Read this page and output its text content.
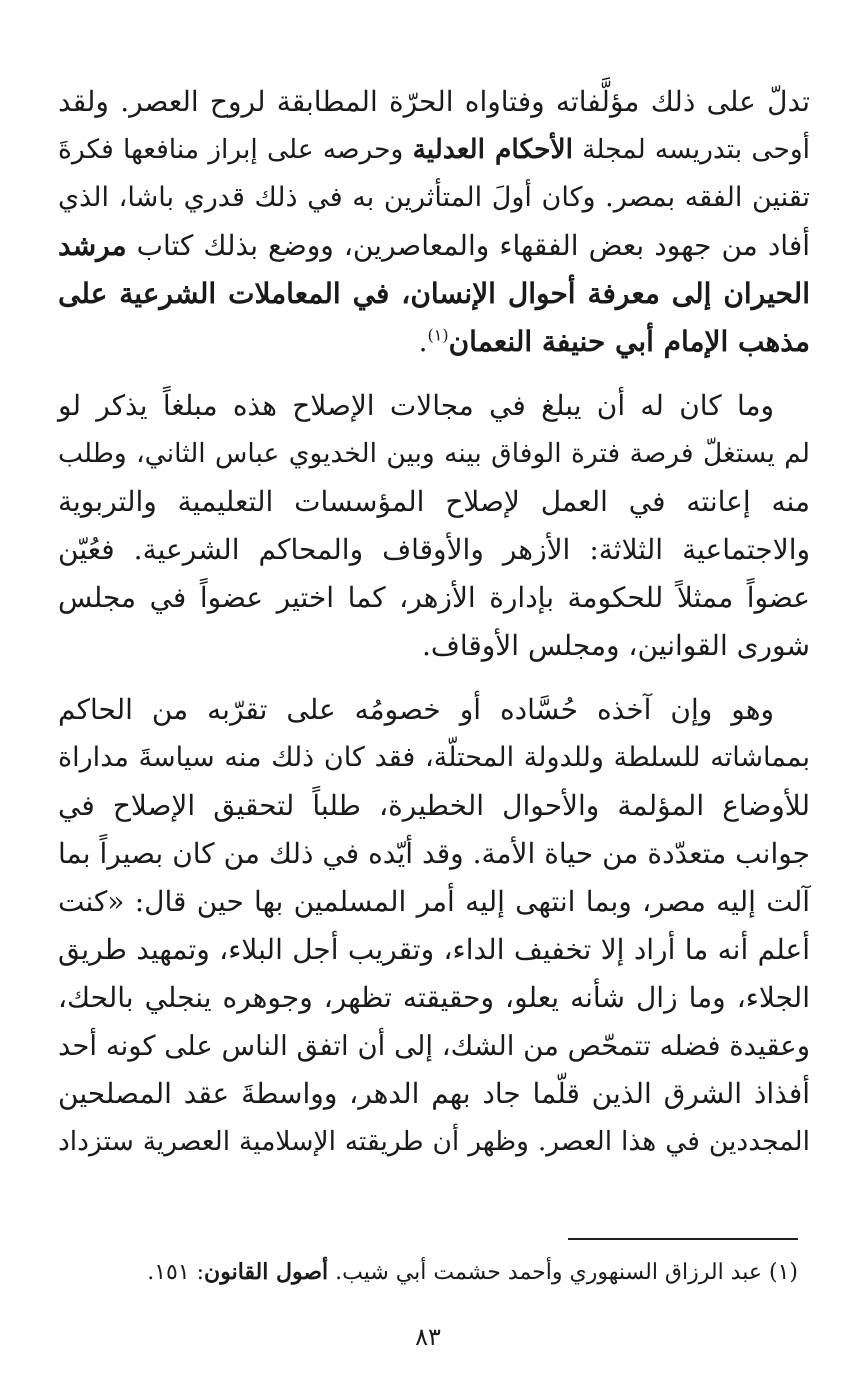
تدلّ على ذلك مؤلَّفاته وفتاواه الحرّة المطابقة لروح العصر. ولقد
أوحى بتدريسه لمجلة الأحكام العدلية وحرصه على إبراز منافعها فكرةَ
تقنين الفقه بمصر. وكان أولَ المتأثرين به في ذلك قدري باشا، الذي
أفاد من جهود بعض الفقهاء والمعاصرين، ووضع بذلك كتاب مرشد
الحيران إلى معرفة أحوال الإنسان، في المعاملات الشرعية على
مذهب الإمام أبي حنيفة النعمان$^{(١)}$.

وما كان له أن يبلغ في مجالات الإصلاح هذه مبلغاً يذكر لو
لم يستغلّ فرصة فترة الوفاق بينه وبين الخديوي عباس الثاني، وطلب
منه إعانته في العمل لإصلاح المؤسسات التعليمية والتربوية
والاجتماعية الثلاثة: الأزهر والأوقاف والمحاكم الشرعية. فعُيّن
عضواً ممثلاً للحكومة بإدارة الأزهر، كما اختير عضواً في مجلس
شورى القوانين، ومجلس الأوقاف.

وهو وإن آخذه حُسَّاده أو خصومُه على تقرّبه من الحاكم
بمماشاته للسلطة وللدولة المحتلّة، فقد كان ذلك منه سياسةَ مداراة
للأوضاع المؤلمة والأحوال الخطيرة، طلباً لتحقيق الإصلاح في
جوانب متعدّدة من حياة الأمة. وقد أيّده في ذلك من كان بصيراً بما
آلت إليه مصر، وبما انتهى إليه أمر المسلمين بها حين قال: «كنت
أعلم أنه ما أراد إلا تخفيف الداء، وتقريب أجل البلاء، وتمهيد طريق
الجلاء، وما زال شأنه يعلو، وحقيقته تظهر، وجوهره ينجلي بالحك،
وعقيدة فضله تتمحّص من الشك، إلى أن اتفق الناس على كونه أحد
أفذاذ الشرق الذين قلّما جاد بهم الدهر، وواسطةَ عقد المصلحين
المجددين في هذا العصر. وظهر أن طريقته الإسلامية العصرية ستزداد

(١) عبد الرزاق السنهوري وأحمد حشمت أبي شيب. أصول القانون: ١٥١.
٨٣
